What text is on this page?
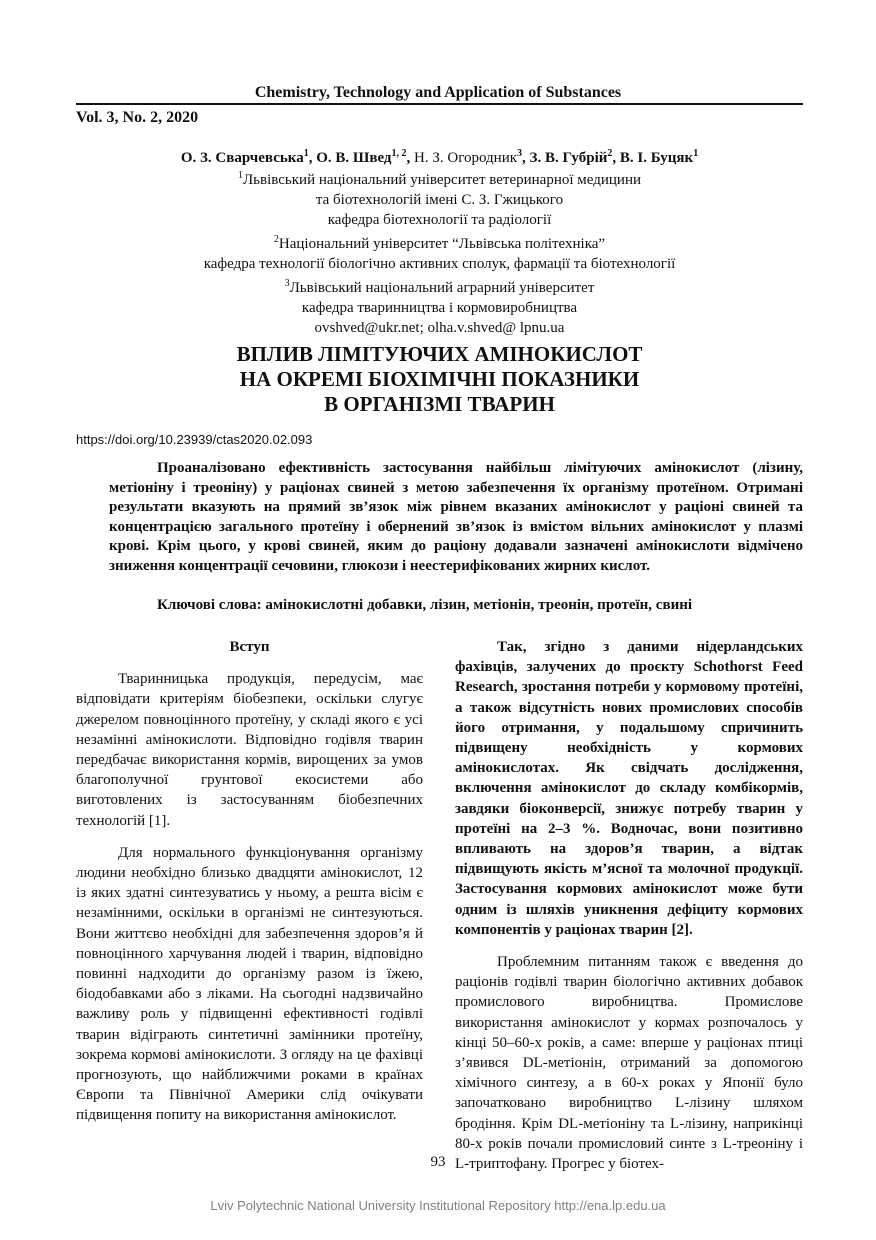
Chemistry, Technology and Application of Substances
Vol. 3, No. 2, 2020
О. З. Сварчевська$^1$, О. В. Швед$^{1, 2}$, Н. З. Огородник$^3$, З. В. Губрій$^2$, В. І. Буцяк$^1$
$^1$Львівський національний університет ветеринарної медицини
та біотехнологій імені С. З. Гжицького
кафедра біотехнології та радіології
$^2$Національний університет “Львівська політехніка”
кафедра технології біологічно активних сполук, фармації та біотехнології
$^3$Львівський національний аграрний університет
кафедра тваринництва і кормовиробництва
ovshved@ukr.net; olha.v.shved@ lpnu.ua
ВПЛИВ ЛІМІТУЮЧИХ АМІНОКИСЛОТ
НА ОКРЕМІ БІОХІМІЧНІ ПОКАЗНИКИ
В ОРГАНІЗМІ ТВАРИН
https://doi.org/10.23939/ctas2020.02.093
Проаналізовано ефективність застосування найбільш лімітуючих амінокислот (лізину, метіоніну і треоніну) у раціонах свиней з метою забезпечення їх організму протеїном. Отримані результати вказують на прямий зв’язок між рівнем вказаних амінокислот у раціоні свиней та концентрацією загального протеїну і обернений зв’язок із вмістом вільних амінокислот у плазмі крові. Крім цього, у крові свиней, яким до раціону додавали зазначені амінокислоти відмічено зниження концентрації сечовини, глюкози і неестерифікованих жирних кислот.
Ключові слова: амінокислотні добавки, лізин, метіонін, треонін, протеїн, свині

Вступ

Тваринницька продукція, передусім, має відповідати критеріям біобезпеки, оскільки слугує джерелом повноцінного протеїну, у складі якого є усі незамінні амінокислоти. Відповідно годівля тварин передбачає використання кормів, вирощених за умов благополучної грунтової екосистеми або виготовлених із застосуванням біобезпечних технологій [1].

Для нормального функціонування організму людини необхідно близько двадцяти амінокислот, 12 із яких здатні синтезуватись у ньому, а решта вісім є незамінними, оскільки в організмі не синтезуються. Вони життєво необхідні для забезпечення здоров’я й повноцінного харчування людей і тварин, відповідно повинні надходити до організму разом із їжею, біодобавками або з ліками. На сьогодні надзвичайно важливу роль у підвищенні ефективності годівлі тварин відіграють синтетичні замінники протеїну, зокрема кормові амінокислоти. З огляду на це фахівці прогнозують, що найближчими роками в країнах Європи та Північної Америки слід очікувати підвищення попиту на використання амінокислот.

Так, згідно з даними нідерландських фахівців, залучених до проєкту Schothorst Feed Research, зростання потреби у кормовому протеїні, а також відсутність нових промислових способів його отримання, у подальшому спричинить підвищену необхідність у кормових амінокислотах. Як свідчать дослідження, включення амінокислот до складу комбікормів, завдяки біоконверсії, знижує потребу тварин у протеїні на 2–3 %. Водночас, вони позитивно впливають на здоров’я тварин, а відтак підвищують якість м’ясної та молочної продукції. Застосування кормових амінокислот може бути одним із шляхів уникнення дефіциту кормових компонентів у раціонах тварин [2].

Проблемним питанням також є введення до раціонів годівлі тварин біологічно активних добавок промислового виробництва. Промислове використання амінокислот у кормах розпочалось у кінці 50–60-х років, а саме: вперше у раціонах птиці з’явився DL-метіонін, отриманий за допомогою хімічного синтезу, а в 60-х роках у Японії було започатковано виробництво L-лізину шляхом бродіння. Крім DL-метіоніну та L-лізину, наприкінці 80-х років почали промисловий синте з L-треоніну і L-триптофану. Прогрес у біотех-

93
Lviv Polytechnic National University Institutional Repository http://ena.lp.edu.ua
